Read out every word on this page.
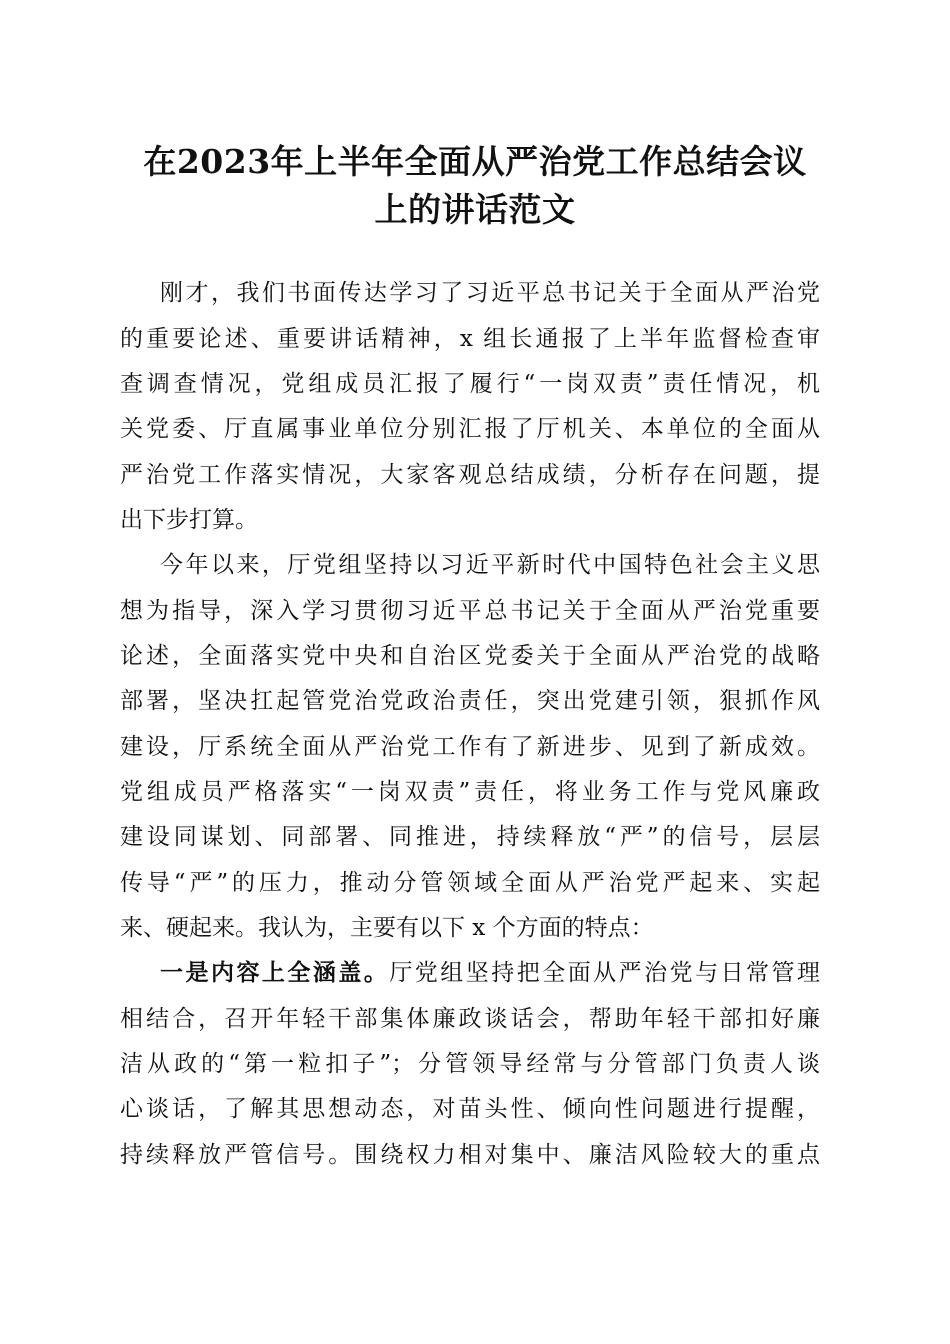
在2023年上半年全面从严治党工作总结会议
上的讲话范文
刚才，我们书面传达学习了习近平总书记关于全面从严治党
的重要论述、重要讲话精神，x 组长通报了上半年监督检查审
查调查情况，党组成员汇报了履行“一岗双责”责任情况，机
关党委、厅直属事业单位分别汇报了厅机关、本单位的全面从
严治党工作落实情况，大家客观总结成绩，分析存在问题，提
出下步打算。
今年以来，厅党组坚持以习近平新时代中国特色社会主义思
想为指导，深入学习贯彻习近平总书记关于全面从严治党重要
论述，全面落实党中央和自治区党委关于全面从严治党的战略
部署，坚决扛起管党治党政治责任，突出党建引领，狠抓作风
建设，厅系统全面从严治党工作有了新进步、见到了新成效。
党组成员严格落实“一岗双责”责任，将业务工作与党风廉政
建设同谋划、同部署、同推进，持续释放“严”的信号，层层
传导“严”的压力，推动分管领域全面从严治党严起来、实起
来、硬起来。我认为，主要有以下 x 个方面的特点：
一是内容上全涵盖。厅党组坚持把全面从严治党与日常管理
相结合，召开年轻干部集体廉政谈话会，帮助年轻干部扣好廉
洁从政的“第一粒扣子”；分管领导经常与分管部门负责人谈
心谈话，了解其思想动态，对苗头性、倾向性问题进行提醒，
持续释放严管信号。围绕权力相对集中、廉洁风险较大的重点
